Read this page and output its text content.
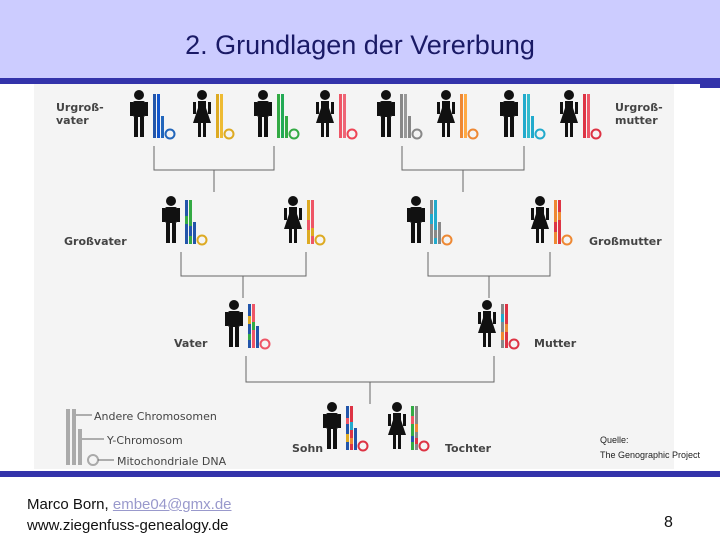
2. Grundlagen der Vererbung
Urgroß-
vater
Urgroß-
mutter
Großvater	Großmutter
Vater	Mutter
Sohn	Tochter
Andere Chromosomen
Y-Chromosom
Mitochondriale DNA
Quelle:
The Genographic Project
Marco Born, embe04@gmx.de
www.ziegenfuss-genealogy.de	8
